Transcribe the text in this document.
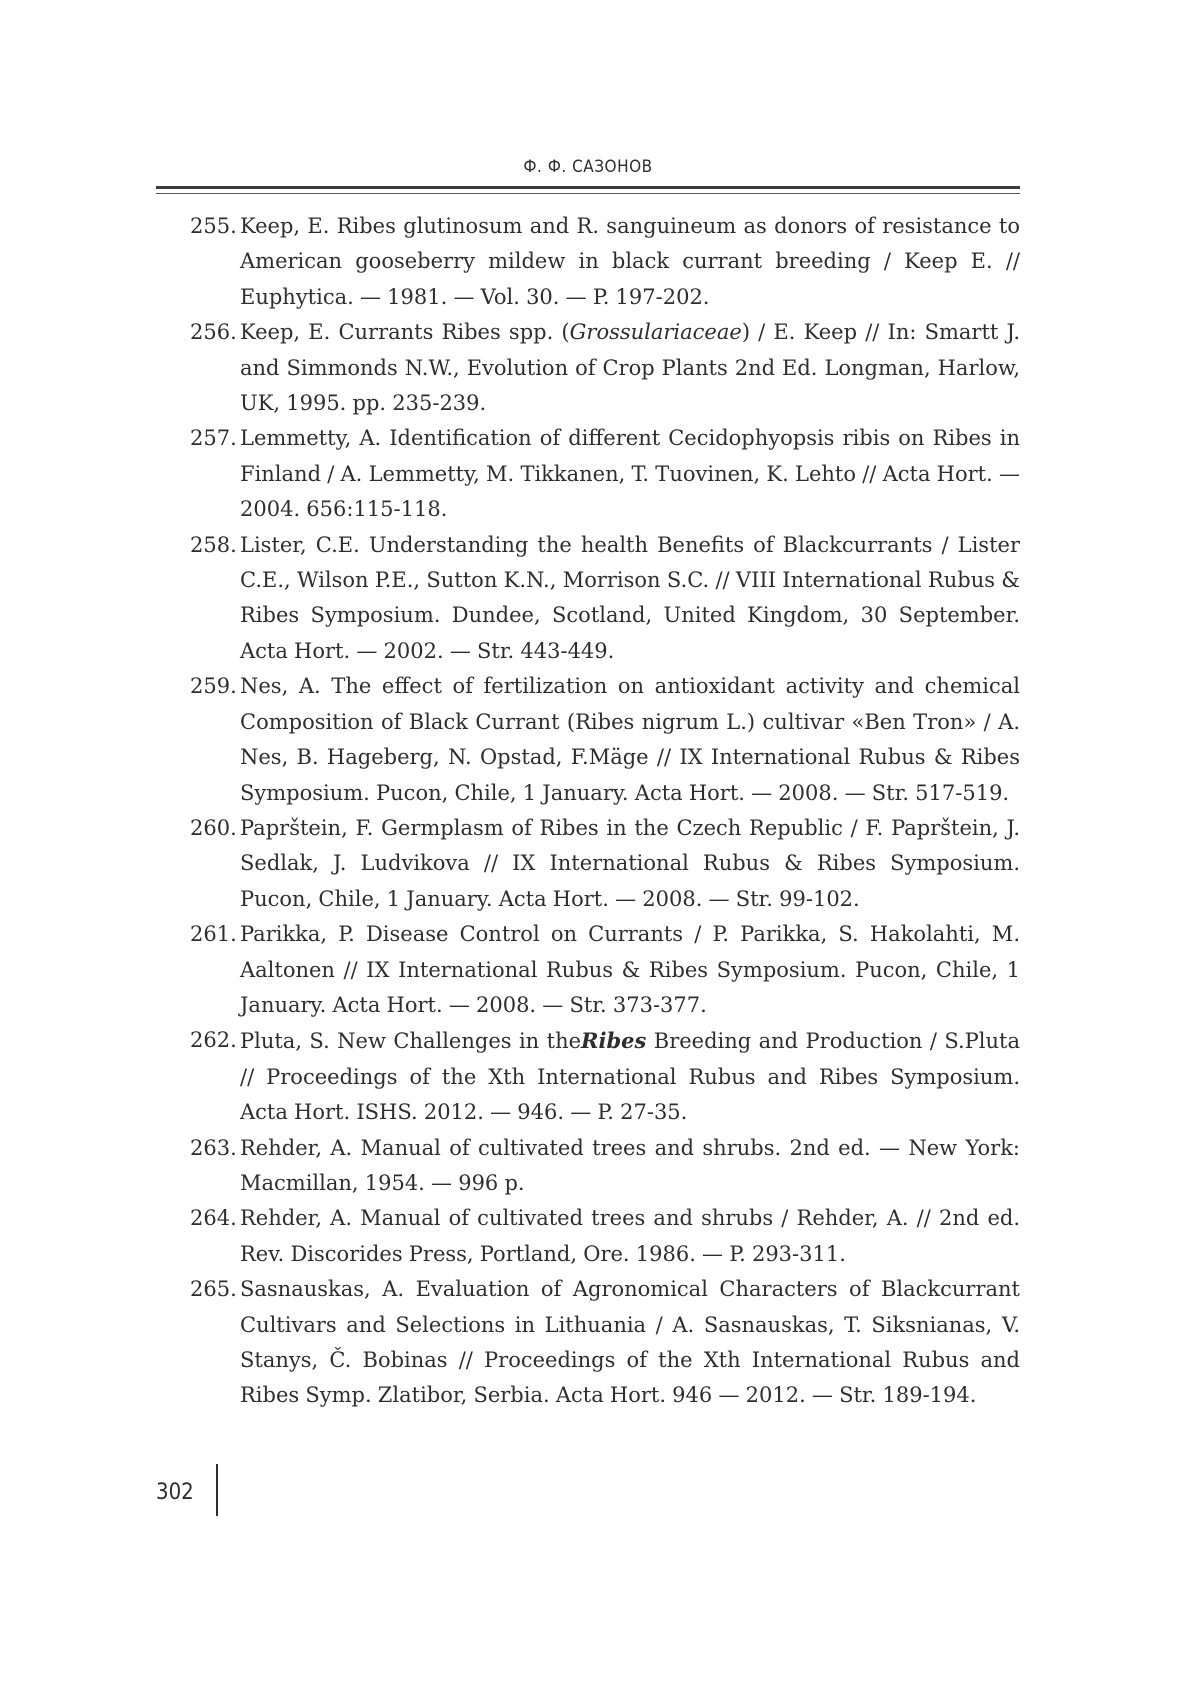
Ф. Ф. САЗОНОВ
255. Keep, E. Ribes glutinosum and R. sanguineum as donors of resistance to American gooseberry mildew in black currant breeding / Keep E. // Euphytica. — 1981. — Vol. 30. — P. 197-202.
256. Keep, E. Currants Ribes spp. (Grossulariaceae) / E. Keep // In: Smartt J. and Simmonds N.W., Evolution of Crop Plants 2nd Ed. Longman, Harlow, UK, 1995. pp. 235-239.
257. Lemmetty, A. Identification of different Cecidophyopsis ribis on Ribes in Finland / A. Lemmetty, M. Tikkanen, T. Tuovinen, K. Lehto // Acta Hort. — 2004. 656:115-118.
258. Lister, C.E. Understanding the health Benefits of Blackcurrants / Lister C.E., Wilson P.E., Sutton K.N., Morrison S.C. // VIII International Rubus & Ribes Symposium. Dundee, Scotland, United Kingdom, 30 September. Acta Hort. — 2002. — Str. 443-449.
259. Nes, A. The effect of fertilization on antioxidant activity and chemical Composition of Black Currant (Ribes nigrum L.) cultivar «Ben Tron» / A. Nes, B. Hageberg, N. Opstad, F.Mäge // IX International Rubus & Ribes Symposium. Pucon, Chile, 1 January. Acta Hort. — 2008. — Str. 517-519.
260. Paprštein, F. Germplasm of Ribes in the Czech Republic / F. Paprštein, J. Sedlak, J. Ludvikova // IX International Rubus & Ribes Symposium. Pucon, Chile, 1 January. Acta Hort. — 2008. — Str. 99-102.
261. Parikka, P. Disease Control on Currants / P. Parikka, S. Hakolahti, M. Aaltonen // IX International Rubus & Ribes Symposium. Pucon, Chile, 1 January. Acta Hort. — 2008. — Str. 373-377.
262. Pluta, S. New Challenges in theRibes Breeding and Production / S.Pluta // Proceedings of the Xth International Rubus and Ribes Symposium. Acta Hort. ISHS. 2012. — 946. — P. 27-35.
263. Rehder, A. Manual of cultivated trees and shrubs. 2nd ed. — New York: Macmillan, 1954. — 996 p.
264. Rehder, A. Manual of cultivated trees and shrubs / Rehder, A. // 2nd ed. Rev. Discorides Press, Portland, Ore. 1986. — P. 293-311.
265. Sasnauskas, A. Evaluation of Agronomical Characters of Blackcurrant Cultivars and Selections in Lithuania / A. Sasnauskas, T. Siksnianas, V. Stanys, Č. Bobinas // Proceedings of the Xth International Rubus and Ribes Symp. Zlatibor, Serbia. Acta Hort. 946 — 2012. — Str. 189-194.
302
